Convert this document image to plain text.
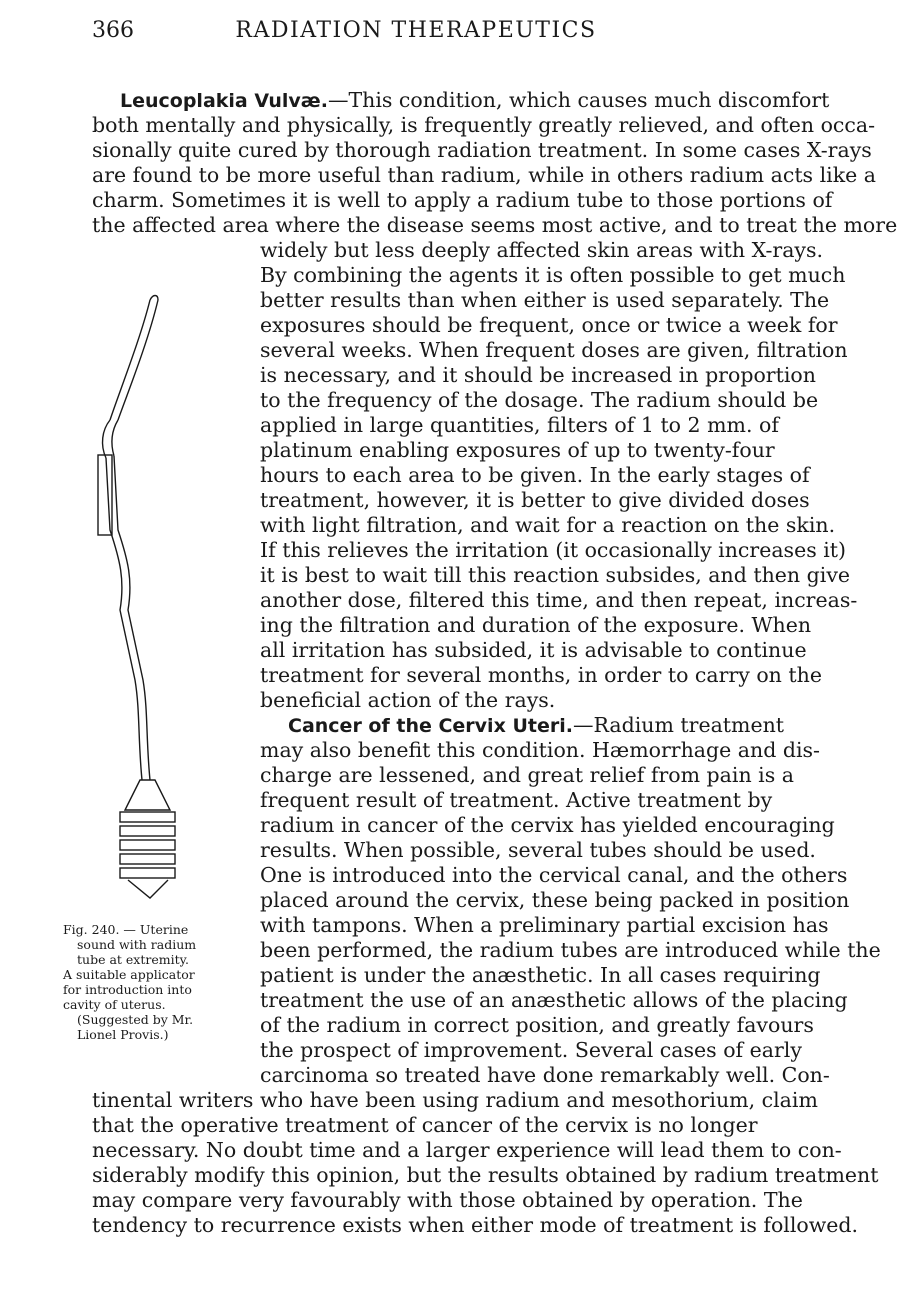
366	RADIATION THERAPEUTICS
Leucoplakia Vulvæ.—This condition, which causes much discomfort
both mentally and physically, is frequently greatly relieved, and often occa-
sionally quite cured by thorough radiation treatment. In some cases X-rays
are found to be more useful than radium, while in others radium acts like a
charm. Sometimes it is well to apply a radium tube to those portions of
the affected area where the disease seems most active, and to treat the more
widely but less deeply affected skin areas with X-rays.
By combining the agents it is often possible to get much
better results than when either is used separately. The
exposures should be frequent, once or twice a week for
several weeks. When frequent doses are given, filtration
is necessary, and it should be increased in proportion
to the frequency of the dosage. The radium should be
applied in large quantities, filters of 1 to 2 mm. of
platinum enabling exposures of up to twenty-four
hours to each area to be given. In the early stages of
treatment, however, it is better to give divided doses
with light filtration, and wait for a reaction on the skin.
If this relieves the irritation (it occasionally increases it)
it is best to wait till this reaction subsides, and then give
another dose, filtered this time, and then repeat, increas-
ing the filtration and duration of the exposure. When
all irritation has subsided, it is advisable to continue
treatment for several months, in order to carry on the
beneficial action of the rays.
Cancer of the Cervix Uteri.—Radium treatment
may also benefit this condition. Hæmorrhage and dis-
charge are lessened, and great relief from pain is a
frequent result of treatment. Active treatment by
radium in cancer of the cervix has yielded encouraging
results. When possible, several tubes should be used.
One is introduced into the cervical canal, and the others
placed around the cervix, these being packed in position
with tampons. When a preliminary partial excision has
been performed, the radium tubes are introduced while the
patient is under the anæsthetic. In all cases requiring
treatment the use of an anæsthetic allows of the placing
of the radium in correct position, and greatly favours
the prospect of improvement. Several cases of early
carcinoma so treated have done remarkably well. Con-
tinental writers who have been using radium and mesothorium, claim
that the operative treatment of cancer of the cervix is no longer
necessary. No doubt time and a larger experience will lead them to con-
siderably modify this opinion, but the results obtained by radium treatment
may compare very favourably with those obtained by operation. The
tendency to recurrence exists when either mode of treatment is followed.
Fig. 240. — Uterine
sound with radium
tube at extremity.
A suitable applicator
for introduction into
cavity of uterus.
(Suggested by Mr.
Lionel Provis.)
